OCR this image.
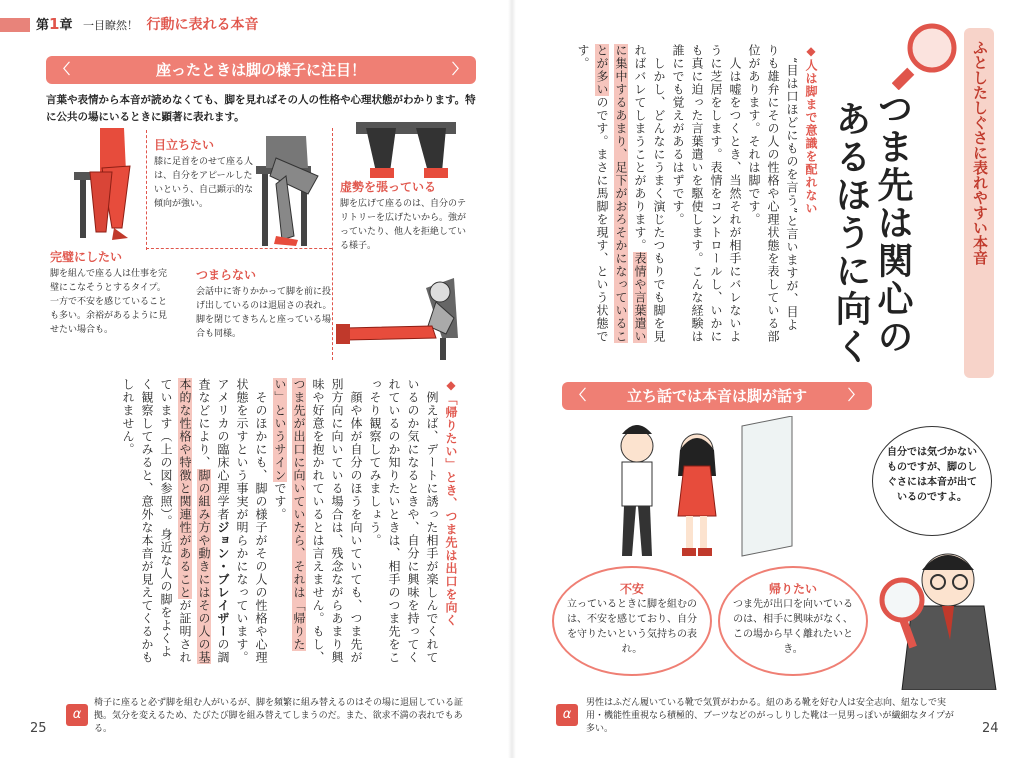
第1章 一目瞭然！ 行動に表れる本音
〈 座ったときは脚の様子に注目！ 〉
言葉や表情から本音が読めなくても、脚を見ればその人の性格や心理状態がわかります。特に公共の場にいるときに顕著に表れます。
目立ちたい
膝に足首をのせて座る人は、自分をアピールしたいという、自己顕示的な傾向が強い。
虚勢を張っている
脚を広げて座るのは、自分のテリトリーを広げたいから。強がっていたり、他人を拒絶している様子。
完璧にしたい
脚を組んで座る人は仕事を完璧にこなそうとするタイプ。一方で不安を感じていることも多い。余裕があるように見せたい場合も。
つまらない
会話中に寄りかかって脚を前に投げ出しているのは退屈さの表れ。脚を閉じてきちんと座っている場合も同様。
◆「帰りたい」とき、つま先は出口を向く
　例えば、デートに誘った相手が楽しんでくれているのか気になるときや、自分に興味を持ってくれているのか知りたいときは、相手のつま先をこっそり観察してみましょう。
　顔や体が自分のほうを向いていても、つま先が別方向に向いている場合は、残念ながらあまり興味や好意を抱かれているとは言えません。もし、つま先が出口に向いていたら、それは「帰りたい」というサインです。
　そのほかにも、脚の様子がその人の性格や心理状態を示すという事実が明らかになっています。アメリカの臨床心理学者ジョン・ブレイザーの調査などにより、脚の組み方や動きにはその人の基本的な性格や特徴と関連性があることが証明されています（上の図参照）。身近な人の脚をよくよく観察してみると、意外な本音が見えてくるかもしれません。
α
椅子に座ると必ず脚を組む人がいるが、脚を頻繁に組み替えるのはその場に退屈している証拠。気分を変えるため、たびたび脚を組み替えてしまうのだ。また、欲求不満の表れでもある。
25
ふとしたしぐさに表れやすい本音
つま先は関心の
あるほうに向く
◆人は脚まで意識を配れない
　“目は口ほどにものを言う”と言いますが、目よりも雄弁にその人の性格や心理状態を表している部位があります。それは脚です。
　人は嘘をつくとき、当然それが相手にバレないように芝居をします。表情をコントロールし、いかにも真に迫った言葉遣いを駆使します。こんな経験は誰にでも覚えがあるはずです。
　しかし、どんなにうまく演じたつもりでも脚を見ればバレてしまうことがあります。表情や言葉遣いに集中するあまり、足下がおろそかになっていることが多いのです。まさに馬脚を現す、という状態です。
〈 立ち話では本音は脚が話す 〉
不安
立っているときに脚を組むのは、不安を感じており、自分を守りたいという気持ちの表れ。
帰りたい
つま先が出口を向いているのは、相手に興味がなく、この場から早く離れたいとき。
自分では気づかないものですが、脚のしぐさには本音が出ているのですよ。
α
男性はふだん履いている靴で気質がわかる。紐のある靴を好む人は安全志向、紐なしで実用・機能性重視なら積極的、ブーツなどのがっしりした靴は一見男っぽいが繊細なタイプが多い。	24
